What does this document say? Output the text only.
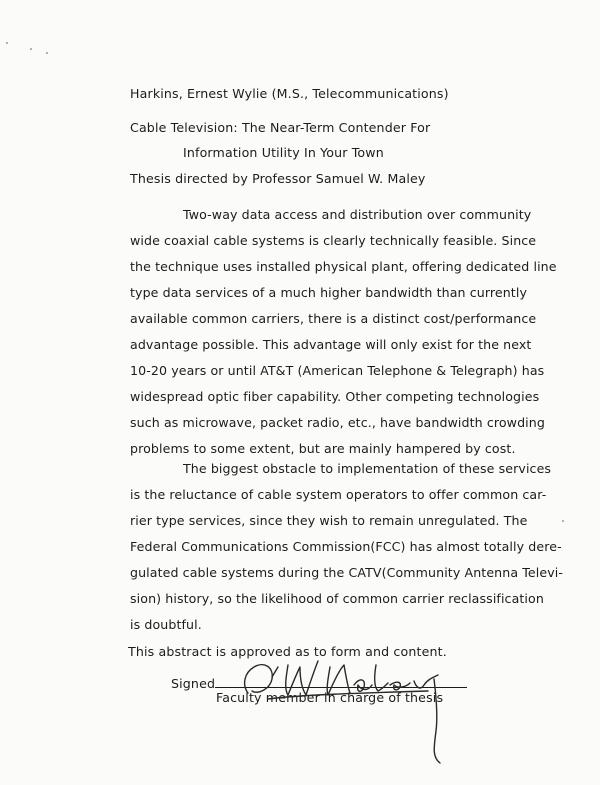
Harkins, Ernest Wylie (M.S., Telecommunications)
Cable Television: The Near-Term Contender For
Information Utility In Your Town
Thesis directed by Professor Samuel W. Maley
Two-way data access and distribution over community
wide coaxial cable systems is clearly technically feasible. Since
the technique uses installed physical plant, offering dedicated line
type data services of a much higher bandwidth than currently
available common carriers, there is a distinct cost/performance
advantage possible. This advantage will only exist for the next
10-20 years or until AT&T (American Telephone & Telegraph) has
widespread optic fiber capability. Other competing technologies
such as microwave, packet radio, etc., have bandwidth crowding
problems to some extent, but are mainly hampered by cost.
The biggest obstacle to implementation of these services
is the reluctance of cable system operators to offer common car-
rier type services, since they wish to remain unregulated. The
Federal Communications Commission(FCC) has almost totally dere-
gulated cable systems during the CATV(Community Antenna Televi-
sion) history, so the likelihood of common carrier reclassification
is doubtful.
This abstract is approved as to form and content.
Signed
Faculty member in charge of thesis
